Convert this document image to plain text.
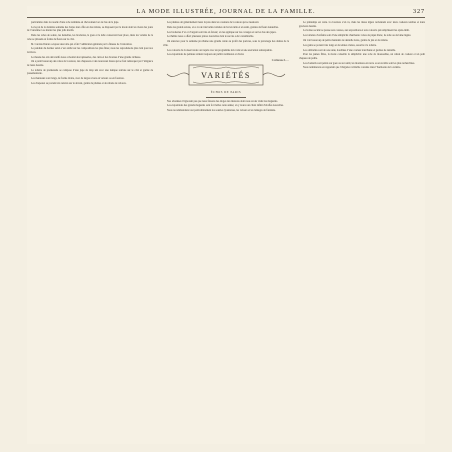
LA MODE ILLUSTRÉE, JOURNAL DE LA FAMILLE.	327

particulière dans la rouelle d’une robe terminée en chevronnée lors de bas de la jupe.

La leçon de la dernière semaine des bottes leur offre en des rubans, se disposent par la mode dont les vieux des jours de l’automne à se marier les plus jolis motifs.

Dans les robes de soirée, les dentelles, les broderies, la gaze et le tulle conservent leur place, mais les volants de la robe se plissent en forme de fleurs sur le côté.

M. Carolus Duran a exposé une toile qui a fait l’admiration générale par la finesse de l’exécution.

Le pendule du dernier salon s’est arrêté sur les compositions les plus fines; nous les reproduisons plus loin pour nos lectrices.

Le musée des arts décoratifs nous a montré des tapisseries, des cuirs et des bronzes d’une grande richesse.

On a parlé beaucoup des robes de la saison, des chapeaux et des nouveaux tissus qui se font remarquer par l’élégance de leurs dessins.

La toilette de promenade se compose d’une jupe de drap uni avec une tunique relevée sur le côté et garnie de passementerie.

Les manteaux sont longs, de forme droite, avec de larges revers en velours ou en fourrure.

Les chapeaux se portent très relevés sur le devant, garnis de plumes et de rubans de velours.

Les plumes ont généralement leurs façons dans les couleurs de la saison qui se nuancent.

Dans les grands salons, on a vu de très belles toilettes de bal en tulle et en satin, garnies de fleurs naturelles.

Les broderies d’or et d’argent sont très en faveur; on les applique sur les corsages et sur les bas des jupes.

Le théâtre nous a offert plusieurs pièces nouvelles dont le succès a été considérable.

On annonce pour la semaine prochaine une grande vente au profit des pauvres, sous le patronage des dames de la ville.

Les concerts du Conservatoire ont repris avec un programme très varié et une exécution remarquable.

Les expositions de peinture attirent toujours un public nombreux et choisi.

Comtesse L…
VARIÉTÉS
ÉCHOS DE PARIS

Nos abonnées n’ignorent pas que nous faisons des éloges des maisons dont nous avons visité les magasins.

Les expositions des grands magasins sont fort belles cette année; on y trouve un choix infini d’étoffes nouvelles.

Nous recommandons tout particulièrement les soieries lyonnaises, les velours et les lainages de fantaisie.

Le printemps est venu. La fourrure s’en va, mais les tissus légers reviennent avec leurs couleurs tendres et leurs gracieux dessins.

La bonne société se presse aux courses, aux expositions et aux concerts qui remplissent les après-midi.

Les toilettes d’enfants sont d’une simplicité charmante: robes de piqué blanc, de toile ou de laine légère.

On voit beaucoup de petits mantelets de dentelle noire, garnis de jais et de rubans.

Les gants se portent très longs et de teintes claires, assortis à la toilette.

Les ombrelles sont de soie unie, doublées d’une couleur tranchante et garnies de dentelle.

Pour les jeunes filles, la mode conseille la simplicité: une robe de mousseline, un ruban de couleur et un petit chapeau de paille.

Les éventails sont peints sur gaze ou sur satin; les montures en nacre ou en écaille sont les plus recherchées.

Nous terminerons en rappelant que l’élégance véritable consiste dans l’harmonie de la toilette.
